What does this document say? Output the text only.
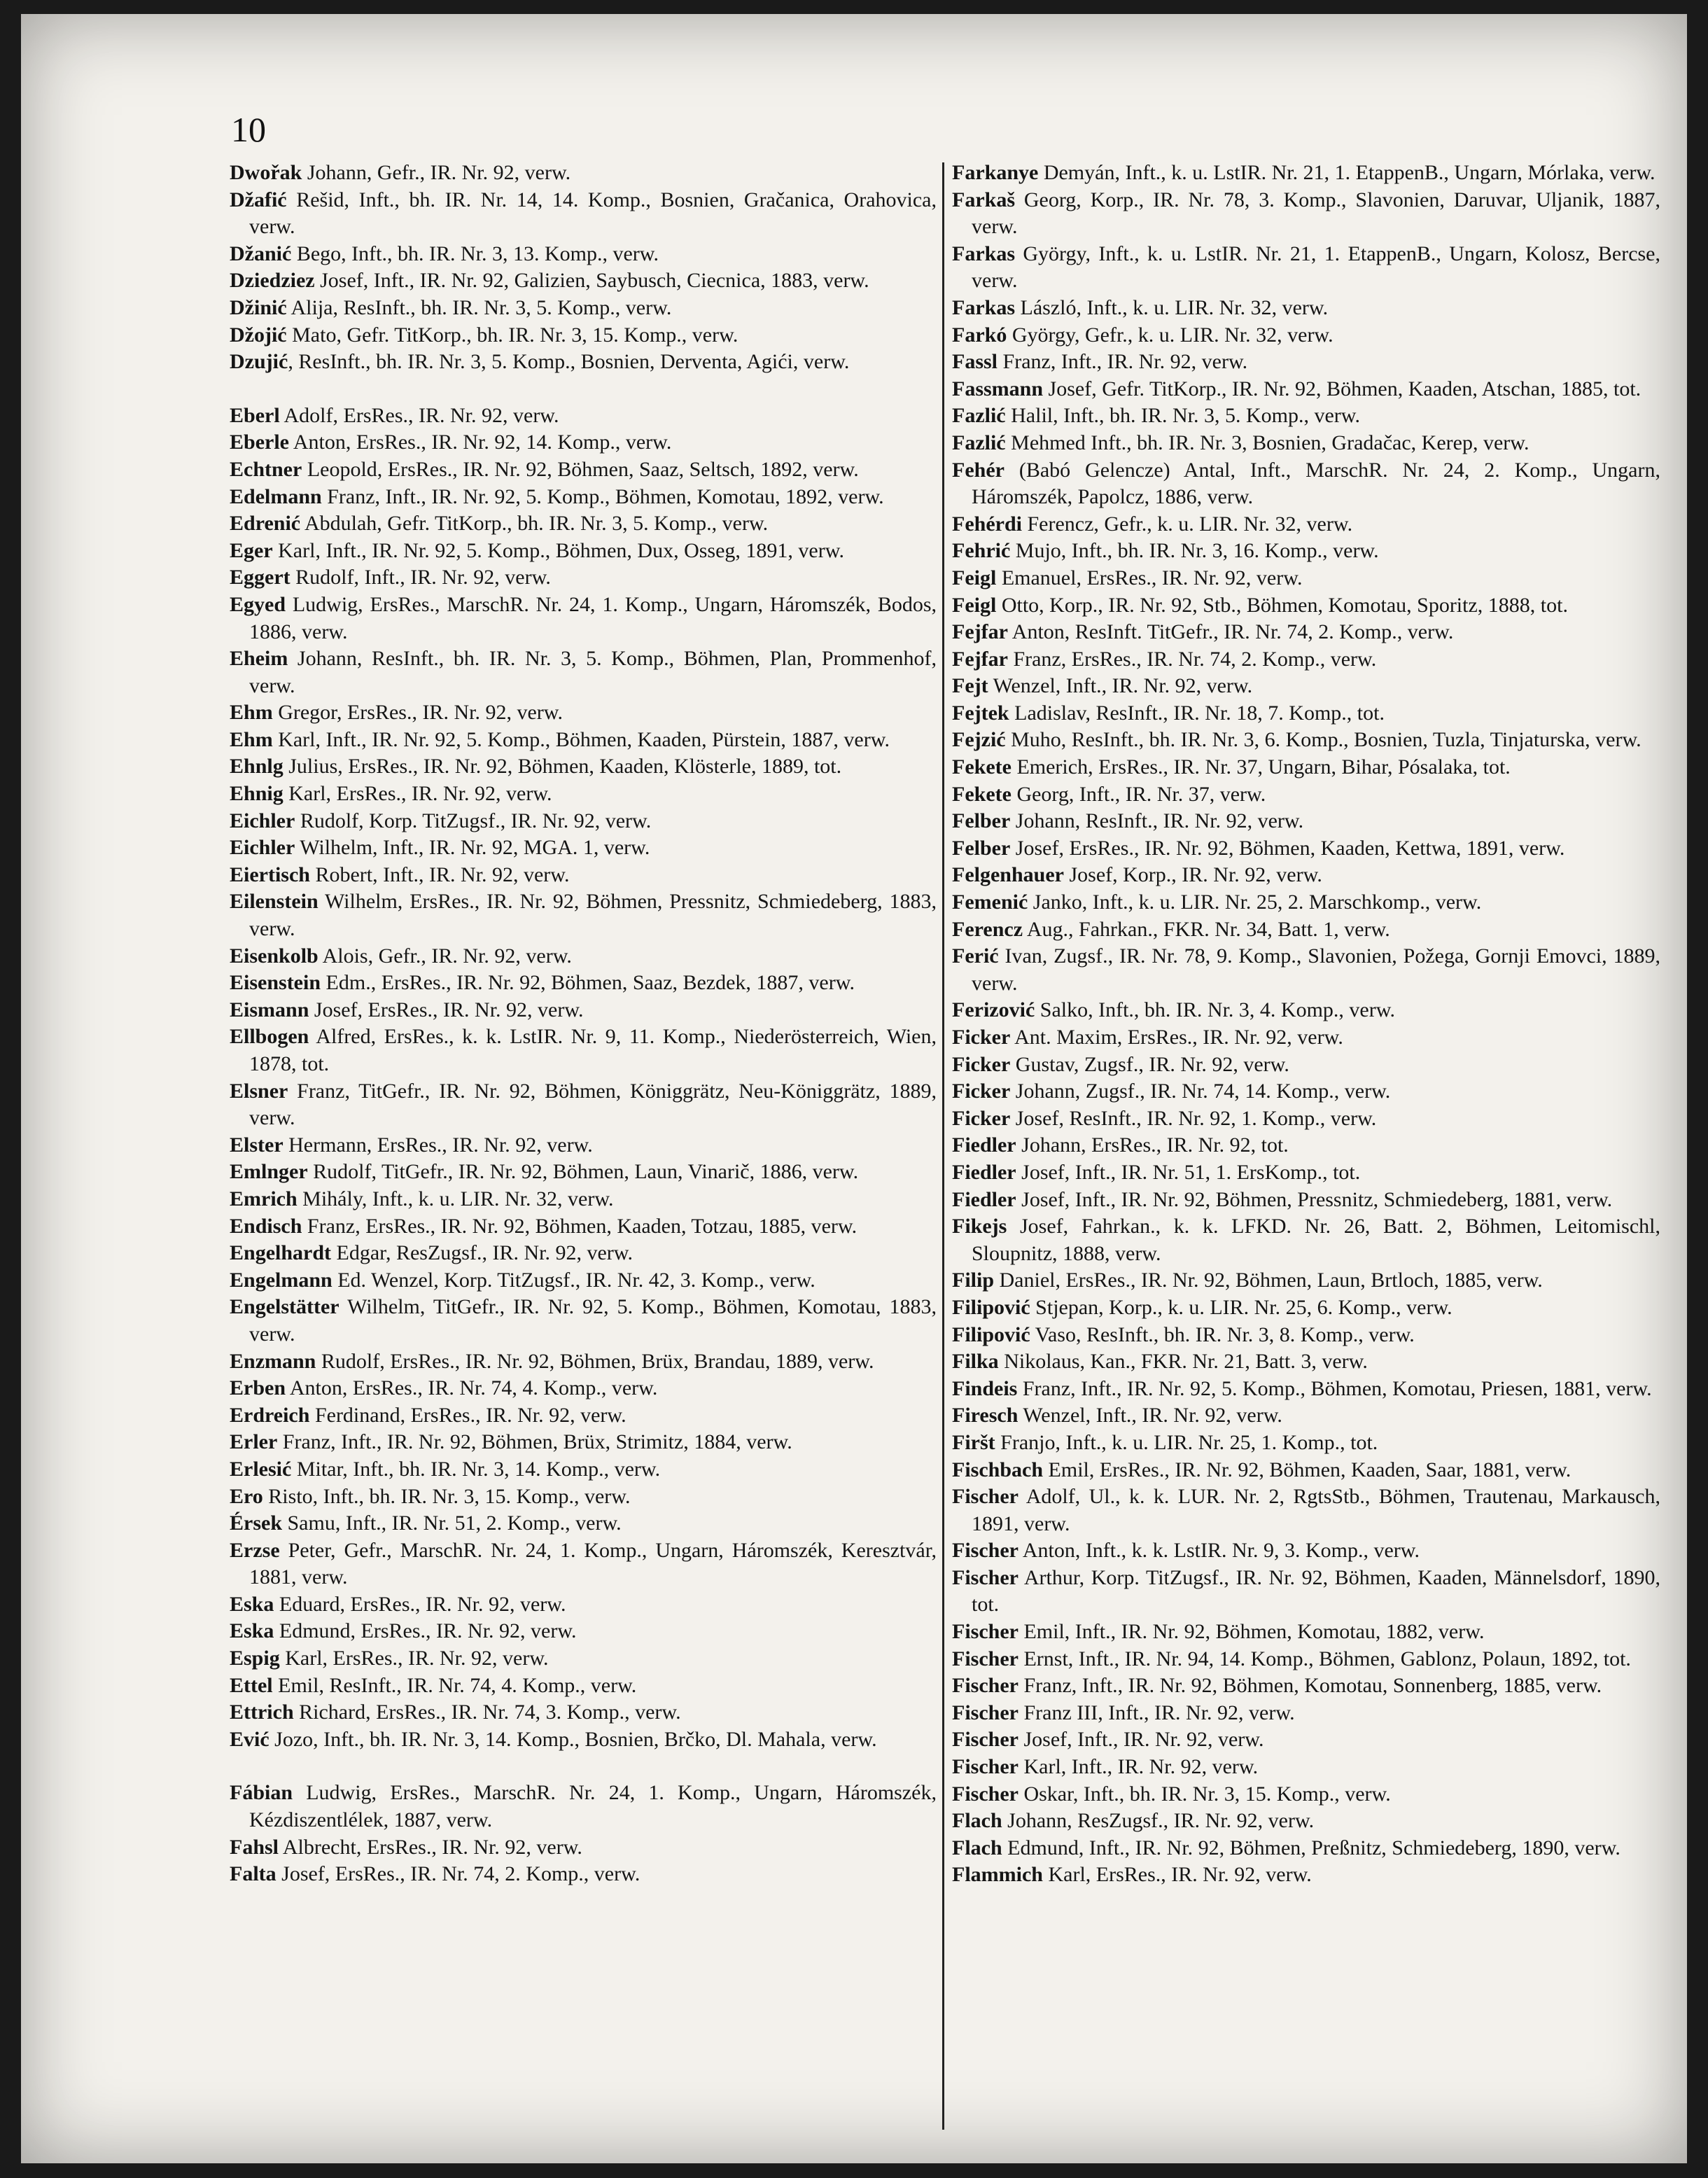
10

Dwořak Johann, Gefr., IR. Nr. 92, verw.

Džafić Rešid, Inft., bh. IR. Nr. 14, 14. Komp., Bosnien, Gračanica, Orahovica, verw.

Džanić Bego, Inft., bh. IR. Nr. 3, 13. Komp., verw.

Dziedziez Josef, Inft., IR. Nr. 92, Galizien, Saybusch, Ciecnica, 1883, verw.

Džinić Alija, ResInft., bh. IR. Nr. 3, 5. Komp., verw.

Džojić Mato, Gefr. TitKorp., bh. IR. Nr. 3, 15. Komp., verw.

Dzujić, ResInft., bh. IR. Nr. 3, 5. Komp., Bosnien, Derventa, Agići, verw.

Eberl Adolf, ErsRes., IR. Nr. 92, verw.

Eberle Anton, ErsRes., IR. Nr. 92, 14. Komp., verw.

Echtner Leopold, ErsRes., IR. Nr. 92, Böhmen, Saaz, Seltsch, 1892, verw.

Edelmann Franz, Inft., IR. Nr. 92, 5. Komp., Böhmen, Komotau, 1892, verw.

Edrenić Abdulah, Gefr. TitKorp., bh. IR. Nr. 3, 5. Komp., verw.

Eger Karl, Inft., IR. Nr. 92, 5. Komp., Böhmen, Dux, Osseg, 1891, verw.

Eggert Rudolf, Inft., IR. Nr. 92, verw.

Egyed Ludwig, ErsRes., MarschR. Nr. 24, 1. Komp., Ungarn, Háromszék, Bodos, 1886, verw.

Eheim Johann, ResInft., bh. IR. Nr. 3, 5. Komp., Böhmen, Plan, Prommenhof, verw.

Ehm Gregor, ErsRes., IR. Nr. 92, verw.

Ehm Karl, Inft., IR. Nr. 92, 5. Komp., Böhmen, Kaaden, Pürstein, 1887, verw.

Ehnlg Julius, ErsRes., IR. Nr. 92, Böhmen, Kaaden, Klösterle, 1889, tot.

Ehnig Karl, ErsRes., IR. Nr. 92, verw.

Eichler Rudolf, Korp. TitZugsf., IR. Nr. 92, verw.

Eichler Wilhelm, Inft., IR. Nr. 92, MGA. 1, verw.

Eiertisch Robert, Inft., IR. Nr. 92, verw.

Eilenstein Wilhelm, ErsRes., IR. Nr. 92, Böhmen, Pressnitz, Schmiedeberg, 1883, verw.

Eisenkolb Alois, Gefr., IR. Nr. 92, verw.

Eisenstein Edm., ErsRes., IR. Nr. 92, Böhmen, Saaz, Bezdek, 1887, verw.

Eismann Josef, ErsRes., IR. Nr. 92, verw.

Ellbogen Alfred, ErsRes., k. k. LstIR. Nr. 9, 11. Komp., Niederösterreich, Wien, 1878, tot.

Elsner Franz, TitGefr., IR. Nr. 92, Böhmen, Königgrätz, Neu-Königgrätz, 1889, verw.

Elster Hermann, ErsRes., IR. Nr. 92, verw.

Emlnger Rudolf, TitGefr., IR. Nr. 92, Böhmen, Laun, Vinarič, 1886, verw.

Emrich Mihály, Inft., k. u. LIR. Nr. 32, verw.

Endisch Franz, ErsRes., IR. Nr. 92, Böhmen, Kaaden, Totzau, 1885, verw.

Engelhardt Edgar, ResZugsf., IR. Nr. 92, verw.

Engelmann Ed. Wenzel, Korp. TitZugsf., IR. Nr. 42, 3. Komp., verw.

Engelstätter Wilhelm, TitGefr., IR. Nr. 92, 5. Komp., Böhmen, Komotau, 1883, verw.

Enzmann Rudolf, ErsRes., IR. Nr. 92, Böhmen, Brüx, Brandau, 1889, verw.

Erben Anton, ErsRes., IR. Nr. 74, 4. Komp., verw.

Erdreich Ferdinand, ErsRes., IR. Nr. 92, verw.

Erler Franz, Inft., IR. Nr. 92, Böhmen, Brüx, Strimitz, 1884, verw.

Erlesić Mitar, Inft., bh. IR. Nr. 3, 14. Komp., verw.

Ero Risto, Inft., bh. IR. Nr. 3, 15. Komp., verw.

Érsek Samu, Inft., IR. Nr. 51, 2. Komp., verw.

Erzse Peter, Gefr., MarschR. Nr. 24, 1. Komp., Ungarn, Háromszék, Keresztvár, 1881, verw.

Eska Eduard, ErsRes., IR. Nr. 92, verw.

Eska Edmund, ErsRes., IR. Nr. 92, verw.

Espig Karl, ErsRes., IR. Nr. 92, verw.

Ettel Emil, ResInft., IR. Nr. 74, 4. Komp., verw.

Ettrich Richard, ErsRes., IR. Nr. 74, 3. Komp., verw.

Ević Jozo, Inft., bh. IR. Nr. 3, 14. Komp., Bosnien, Brčko, Dl. Mahala, verw.

Fábian Ludwig, ErsRes., MarschR. Nr. 24, 1. Komp., Ungarn, Háromszék, Kézdiszentlélek, 1887, verw.

Fahsl Albrecht, ErsRes., IR. Nr. 92, verw.

Falta Josef, ErsRes., IR. Nr. 74, 2. Komp., verw.

Farkanye Demyán, Inft., k. u. LstIR. Nr. 21, 1. EtappenB., Ungarn, Mórlaka, verw.

Farkaš Georg, Korp., IR. Nr. 78, 3. Komp., Slavonien, Daruvar, Uljanik, 1887, verw.

Farkas György, Inft., k. u. LstIR. Nr. 21, 1. EtappenB., Ungarn, Kolosz, Bercse, verw.

Farkas László, Inft., k. u. LIR. Nr. 32, verw.

Farkó György, Gefr., k. u. LIR. Nr. 32, verw.

Fassl Franz, Inft., IR. Nr. 92, verw.

Fassmann Josef, Gefr. TitKorp., IR. Nr. 92, Böhmen, Kaaden, Atschan, 1885, tot.

Fazlić Halil, Inft., bh. IR. Nr. 3, 5. Komp., verw.

Fazlić Mehmed Inft., bh. IR. Nr. 3, Bosnien, Gradačac, Kerep, verw.

Fehér (Babó Gelencze) Antal, Inft., MarschR. Nr. 24, 2. Komp., Ungarn, Háromszék, Papolcz, 1886, verw.

Fehérdi Ferencz, Gefr., k. u. LIR. Nr. 32, verw.

Fehrić Mujo, Inft., bh. IR. Nr. 3, 16. Komp., verw.

Feigl Emanuel, ErsRes., IR. Nr. 92, verw.

Feigl Otto, Korp., IR. Nr. 92, Stb., Böhmen, Komotau, Sporitz, 1888, tot.

Fejfar Anton, ResInft. TitGefr., IR. Nr. 74, 2. Komp., verw.

Fejfar Franz, ErsRes., IR. Nr. 74, 2. Komp., verw.

Fejt Wenzel, Inft., IR. Nr. 92, verw.

Fejtek Ladislav, ResInft., IR. Nr. 18, 7. Komp., tot.

Fejzić Muho, ResInft., bh. IR. Nr. 3, 6. Komp., Bosnien, Tuzla, Tinjaturska, verw.

Fekete Emerich, ErsRes., IR. Nr. 37, Ungarn, Bihar, Pósalaka, tot.

Fekete Georg, Inft., IR. Nr. 37, verw.

Felber Johann, ResInft., IR. Nr. 92, verw.

Felber Josef, ErsRes., IR. Nr. 92, Böhmen, Kaaden, Kettwa, 1891, verw.

Felgenhauer Josef, Korp., IR. Nr. 92, verw.

Femenić Janko, Inft., k. u. LIR. Nr. 25, 2. Marschkomp., verw.

Ferencz Aug., Fahrkan., FKR. Nr. 34, Batt. 1, verw.

Ferić Ivan, Zugsf., IR. Nr. 78, 9. Komp., Slavonien, Požega, Gornji Emovci, 1889, verw.

Ferizović Salko, Inft., bh. IR. Nr. 3, 4. Komp., verw.

Ficker Ant. Maxim, ErsRes., IR. Nr. 92, verw.

Ficker Gustav, Zugsf., IR. Nr. 92, verw.

Ficker Johann, Zugsf., IR. Nr. 74, 14. Komp., verw.

Ficker Josef, ResInft., IR. Nr. 92, 1. Komp., verw.

Fiedler Johann, ErsRes., IR. Nr. 92, tot.

Fiedler Josef, Inft., IR. Nr. 51, 1. ErsKomp., tot.

Fiedler Josef, Inft., IR. Nr. 92, Böhmen, Pressnitz, Schmiedeberg, 1881, verw.

Fikejs Josef, Fahrkan., k. k. LFKD. Nr. 26, Batt. 2, Böhmen, Leitomischl, Sloupnitz, 1888, verw.

Filip Daniel, ErsRes., IR. Nr. 92, Böhmen, Laun, Brtloch, 1885, verw.

Filipović Stjepan, Korp., k. u. LIR. Nr. 25, 6. Komp., verw.

Filipović Vaso, ResInft., bh. IR. Nr. 3, 8. Komp., verw.

Filka Nikolaus, Kan., FKR. Nr. 21, Batt. 3, verw.

Findeis Franz, Inft., IR. Nr. 92, 5. Komp., Böhmen, Komotau, Priesen, 1881, verw.

Firesch Wenzel, Inft., IR. Nr. 92, verw.

Firšt Franjo, Inft., k. u. LIR. Nr. 25, 1. Komp., tot.

Fischbach Emil, ErsRes., IR. Nr. 92, Böhmen, Kaaden, Saar, 1881, verw.

Fischer Adolf, Ul., k. k. LUR. Nr. 2, RgtsStb., Böhmen, Trautenau, Markausch, 1891, verw.

Fischer Anton, Inft., k. k. LstIR. Nr. 9, 3. Komp., verw.

Fischer Arthur, Korp. TitZugsf., IR. Nr. 92, Böhmen, Kaaden, Männelsdorf, 1890, tot.

Fischer Emil, Inft., IR. Nr. 92, Böhmen, Komotau, 1882, verw.

Fischer Ernst, Inft., IR. Nr. 94, 14. Komp., Böhmen, Gablonz, Polaun, 1892, tot.

Fischer Franz, Inft., IR. Nr. 92, Böhmen, Komotau, Sonnenberg, 1885, verw.

Fischer Franz III, Inft., IR. Nr. 92, verw.

Fischer Josef, Inft., IR. Nr. 92, verw.

Fischer Karl, Inft., IR. Nr. 92, verw.

Fischer Oskar, Inft., bh. IR. Nr. 3, 15. Komp., verw.

Flach Johann, ResZugsf., IR. Nr. 92, verw.

Flach Edmund, Inft., IR. Nr. 92, Böhmen, Preßnitz, Schmiedeberg, 1890, verw.

Flammich Karl, ErsRes., IR. Nr. 92, verw.
